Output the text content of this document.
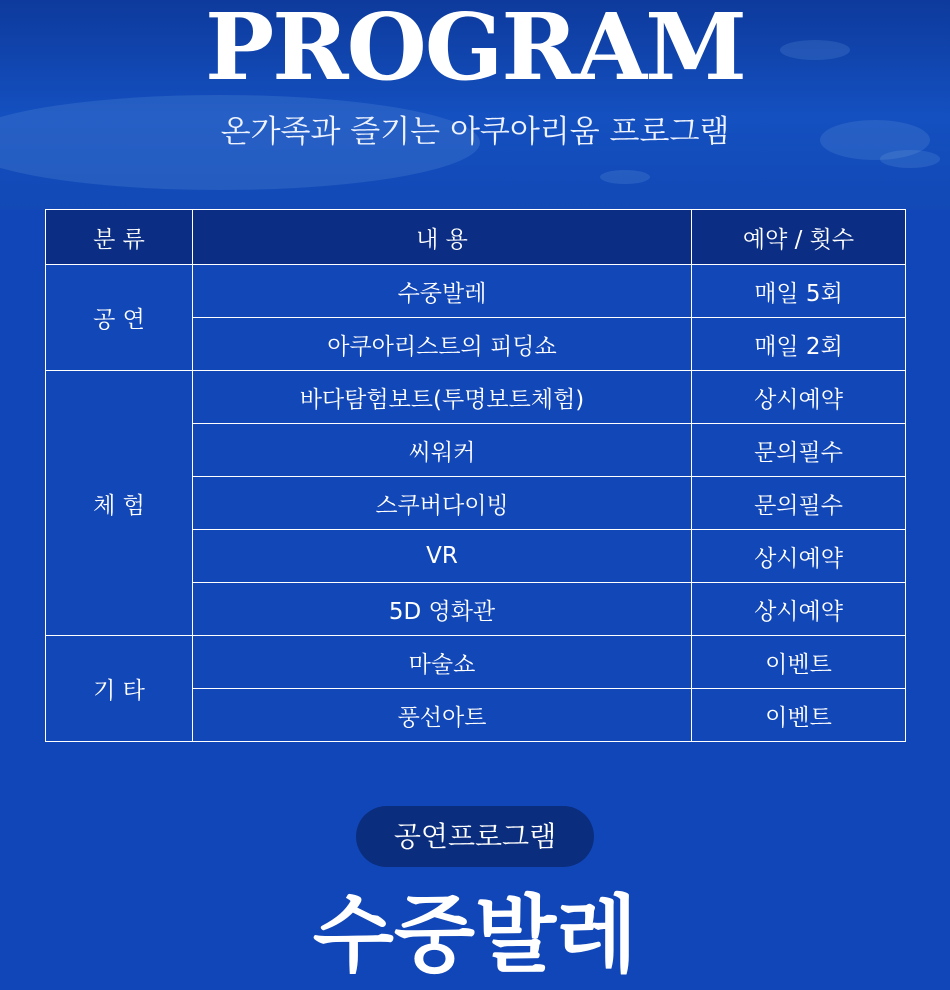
PROGRAM

온가족과 즐기는 아쿠아리움 프로그램

분 류	내 용	예약 / 횟수
공 연	수중발레	매일 5회
	아쿠아리스트의 피딩쇼	매일 2회
체 험	바다탐험보트(투명보트체험)	상시예약
	씨워커	문의필수
	스쿠버다이빙	문의필수
	VR	상시예약
	5D 영화관	상시예약
기 타	마술쇼	이벤트
	풍선아트	이벤트
공연프로그램
수중발레
